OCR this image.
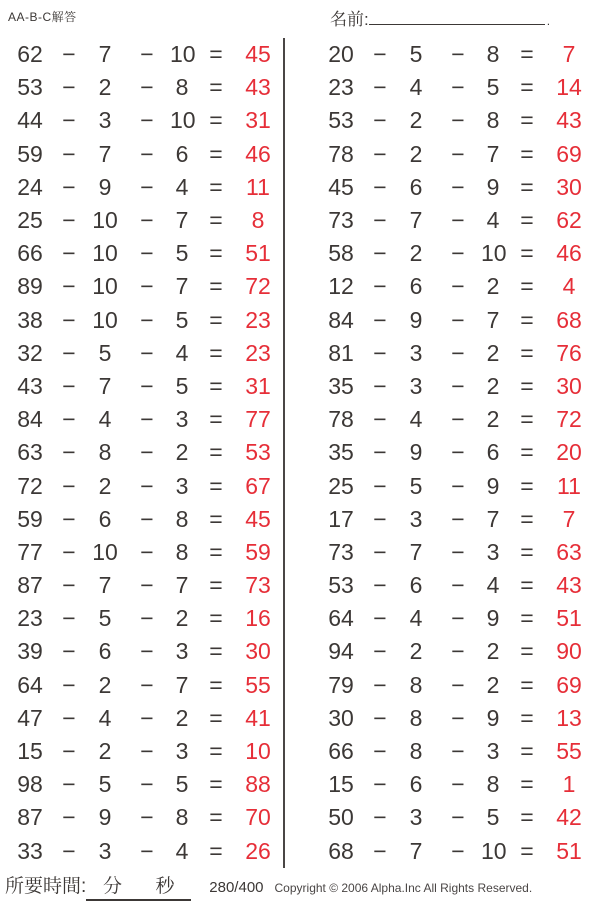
AA-B-C解答	名前:	.
62 − 7	− 10 = 45
53 − 2	− 8 = 43
44 − 3	− 10 = 31
59 − 7	− 6 = 46
24 − 9	− 4 =	11
25 − 10 − 7 =	8
66 − 10 − 5 = 51
89 − 10 − 7 = 72
38 − 10 − 5 = 23
32 − 5	− 4 = 23
43 − 7	− 5 = 31
84 − 4	− 3 = 77
63 − 8	− 2 = 53
72 − 2	− 3 = 67
59 − 6	− 8 = 45
77 − 10 − 8 = 59
87 − 7	− 7 = 73
23 − 5	− 2 = 16
39 − 6	− 3 = 30
64 − 2	− 7 = 55
47 − 4	− 2 = 41
15 − 2	− 3 = 10
98 − 5	− 5 = 88
87 − 9	− 8 = 70
33 − 3	− 4 = 26
20 − 5	− 8 =	7
23 − 4	− 5 = 14
53 − 2	− 8 = 43
78 − 2	− 7 = 69
45 − 6	− 9 = 30
73 − 7	− 4 = 62
58 − 2	− 10 = 46
12 − 6	− 2 =	4
84 − 9	− 7 = 68
81 − 3	− 2 = 76
35 − 3	− 2 = 30
78 − 4	− 2 = 72
35 − 9	− 6 = 20
25 − 5	− 9 =	11
17 − 3	− 7 =	7
73 − 7	− 3 = 63
53 − 6	− 4 = 43
64 − 4	− 9 = 51
94 − 2	− 2 = 90
79 − 8	− 2 = 69
30 − 8	− 9 = 13
66 − 8	− 3 = 55
15 − 6	− 8 =	1
50 − 3	− 5 = 42
68 − 7	− 10 = 51
所要時間: 分 秒 280/400 Copyright © 2006 Alpha.Inc All Rights Reserved.
